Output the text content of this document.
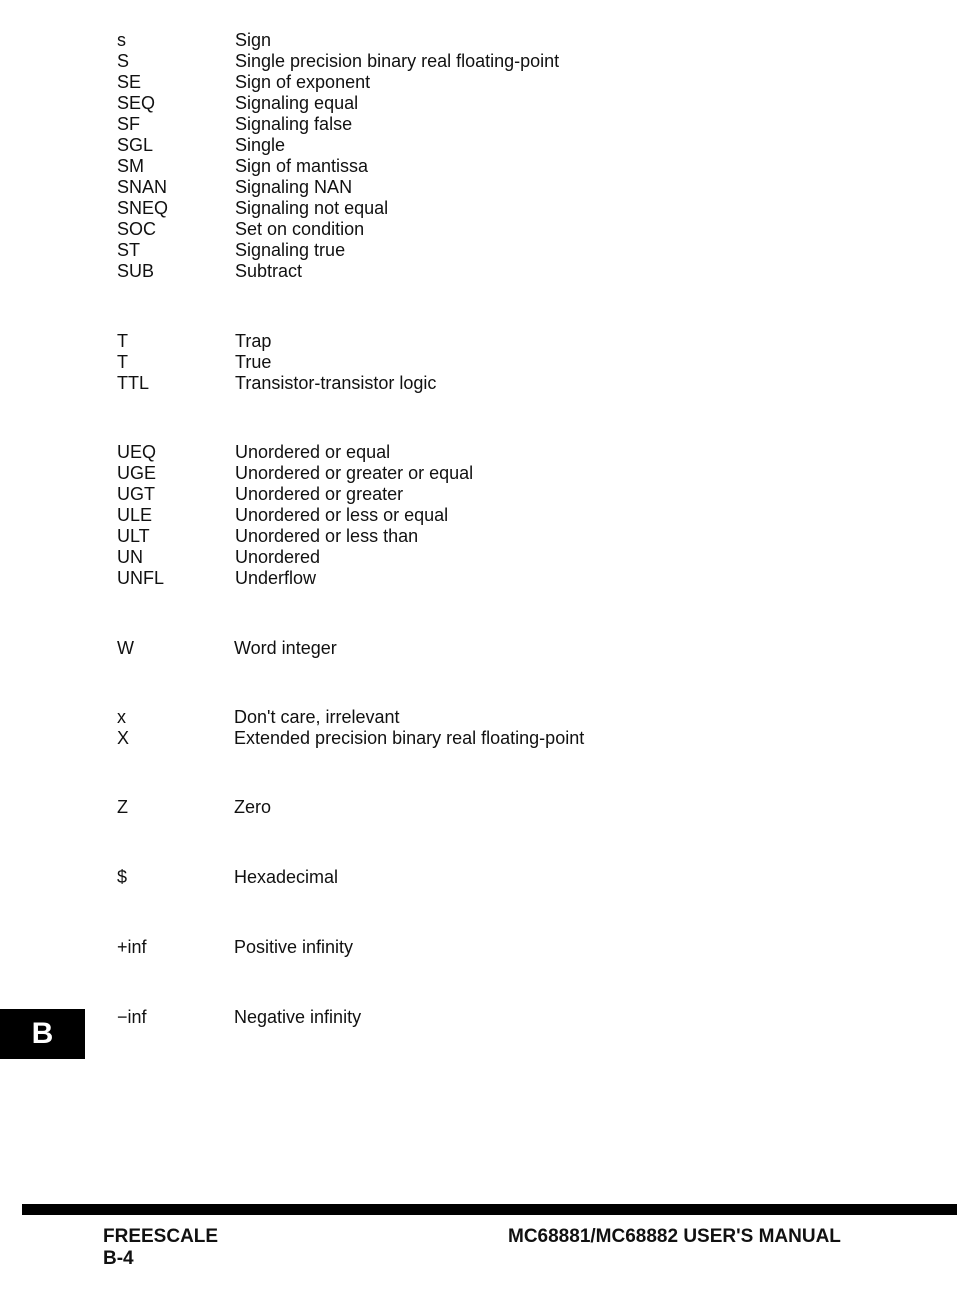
s	Sign
S	Single precision binary real floating-point
SE	Sign of exponent
SEQ	Signaling equal
SF	Signaling false
SGL	Single
SM	Sign of mantissa
SNAN	Signaling NAN
SNEQ	Signaling not equal
SOC	Set on condition
ST	Signaling true
SUB	Subtract
T	Trap
T	True
TTL	Transistor-transistor logic
UEQ	Unordered or equal
UGE	Unordered or greater or equal
UGT	Unordered or greater
ULE	Unordered or less or equal
ULT	Unordered or less than
UN	Unordered
UNFL	Underflow
W	Word integer
x	Don't care, irrelevant
X	Extended precision binary real floating-point
Z	Zero
$	Hexadecimal
+inf	Positive infinity
−inf	Negative infinity
B
FREESCALE
B-4
MC68881/MC68882 USER'S MANUAL
